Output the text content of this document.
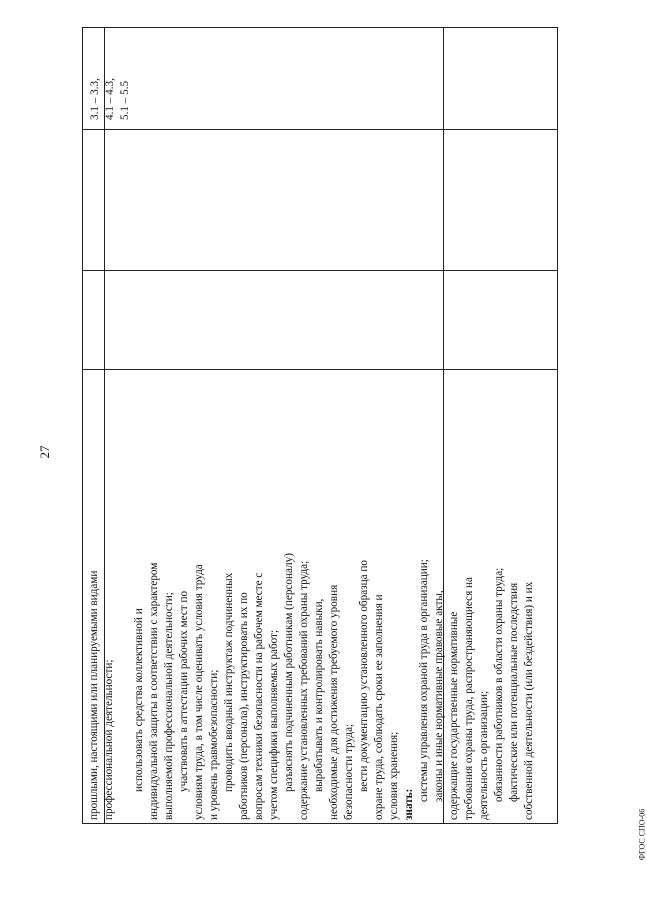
27

прошлыми, настоящими или планируемыми видами профессиональной деятельности;

использовать средства коллективной и индивидуальной защиты в соответствии с характером выполняемой профессиональной деятельности; участвовать в аттестации рабочих мест по условиям труда, в том числе оценивать условия труда и уровень травмобезопасности; проводить вводный инструктаж подчиненных работников (персонала), инструктировать их по вопросам техники безопасности на рабочем месте с учетом специфики выполняемых работ; разъяснять подчиненным работникам (персоналу) содержание установленных требований охраны труда; вырабатывать и контролировать навыки, необходимые для достижения требуемого уровня безопасности труда; вести документацию установленного образца по охране труда, соблюдать сроки ее заполнения и условия хранения; знать:

системы управления охраной труда в организации; законы и иные нормативные правовые акты, содержащие государственные нормативные требования охраны труда, распространяющиеся на деятельность организации; обязанности работников в области охраны труда; фактические или потенциальные последствия собственной деятельности (или бездействия) и их

3.1 – 3.3, 4.1 – 4.3, 5.1 – 5.5

ФГОС СПО-06
